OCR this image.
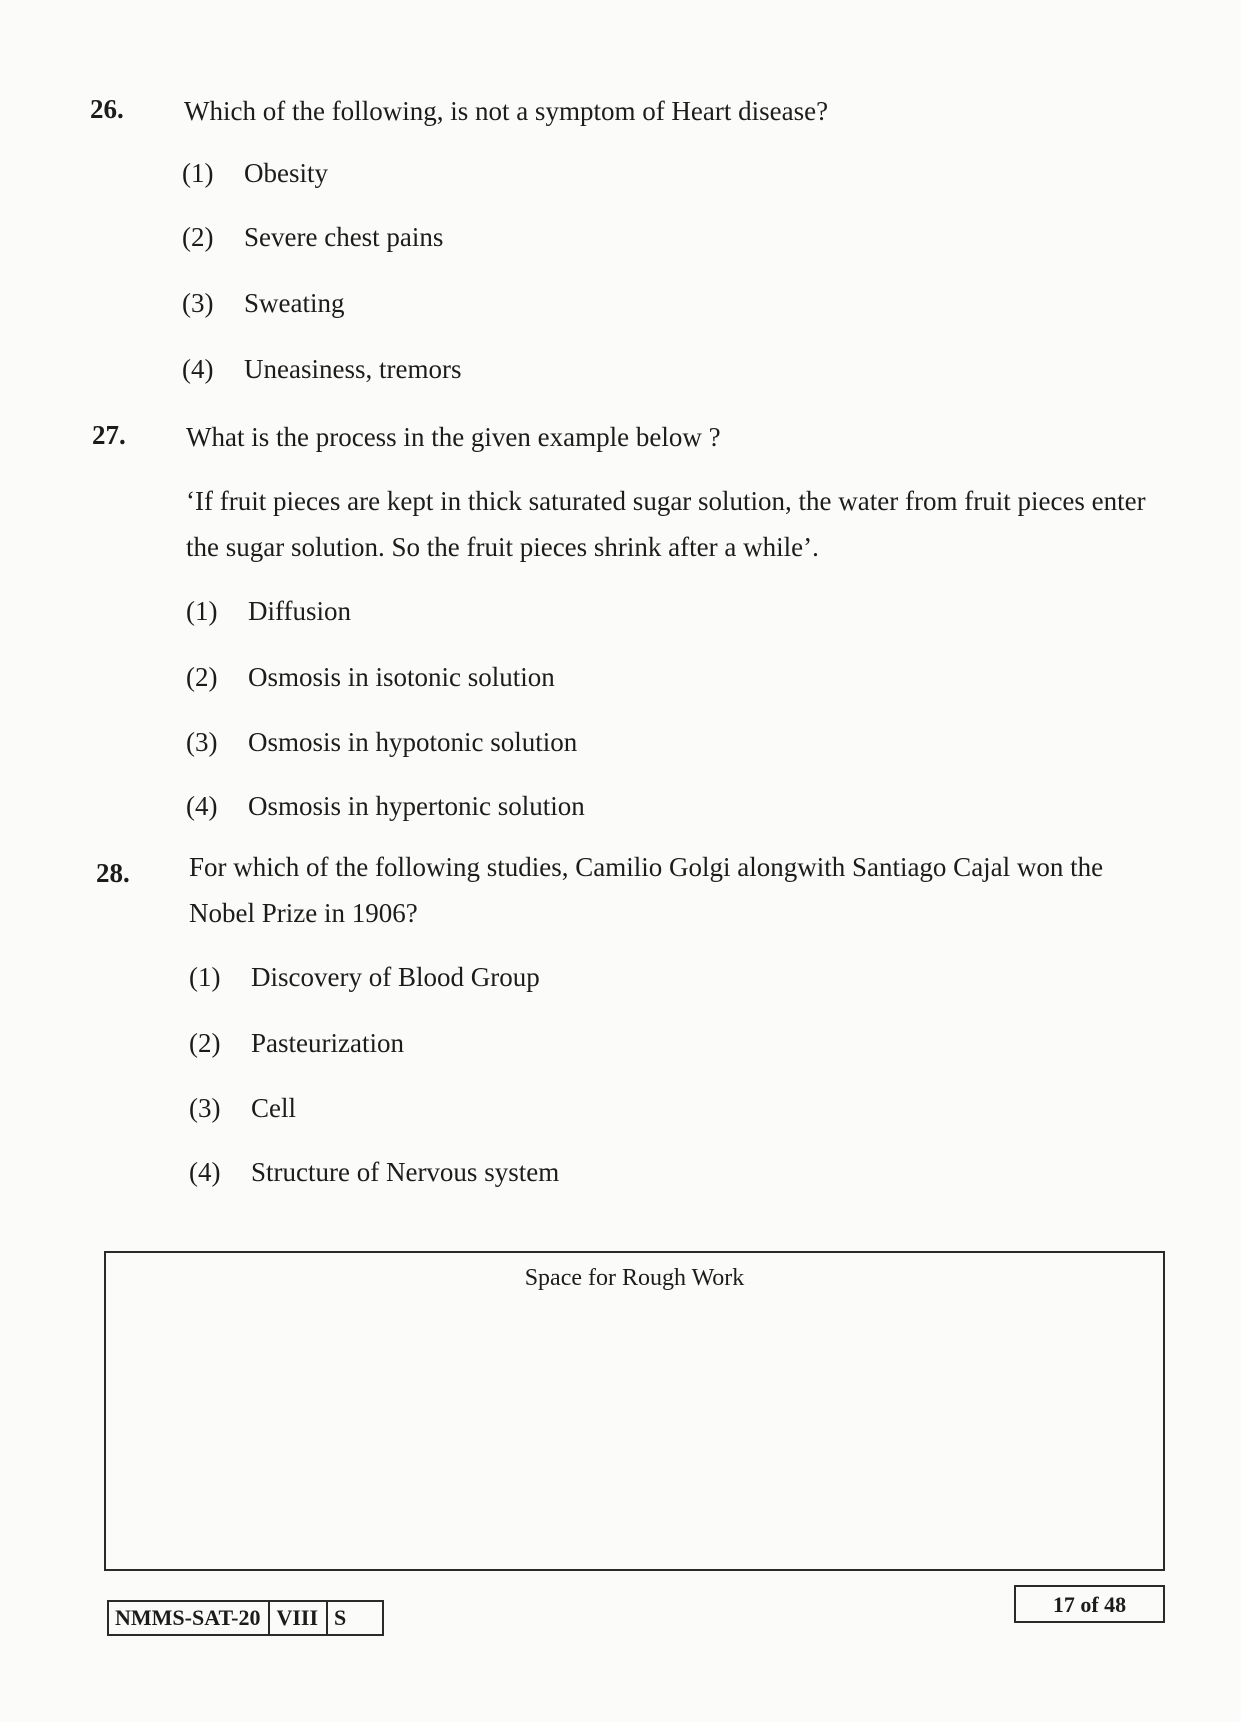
26. Which of the following, is not a symptom of Heart disease?
(1) Obesity
(2) Severe chest pains
(3) Sweating
(4) Uneasiness, tremors
27. What is the process in the given example below ?
‘If fruit pieces are kept in thick saturated sugar solution, the water from fruit pieces enter the sugar solution. So the fruit pieces shrink after a while’.
(1) Diffusion
(2) Osmosis in isotonic solution
(3) Osmosis in hypotonic solution
(4) Osmosis in hypertonic solution
28. For which of the following studies, Camilio Golgi alongwith Santiago Cajal won the Nobel Prize in 1906?
(1) Discovery of Blood Group
(2) Pasteurization
(3) Cell
(4) Structure of Nervous system
Space for Rough Work
NMMS-SAT-20 VIII S
17 of 48
